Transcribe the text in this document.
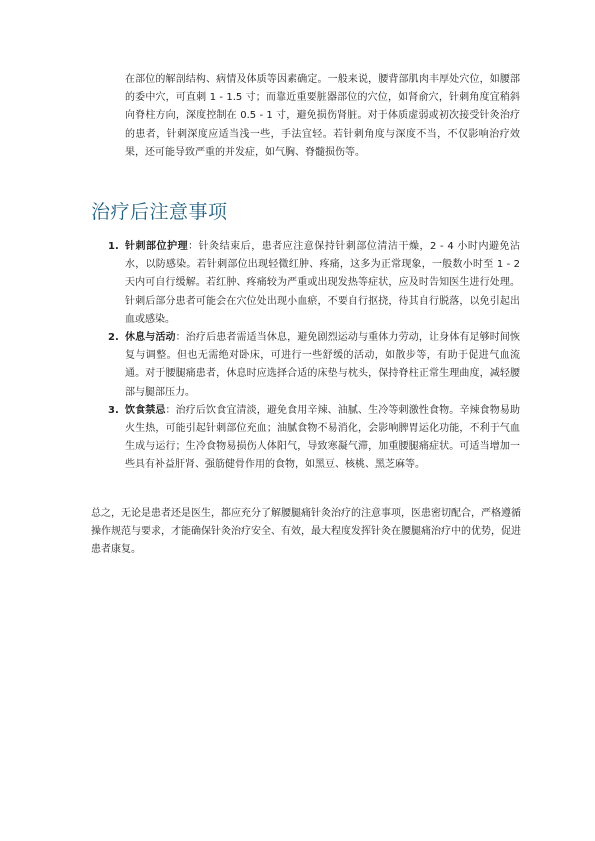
在部位的解剖结构、病情及体质等因素确定。一般来说，腰背部肌肉丰厚处穴位，如腰部的委中穴，可直刺 1 - 1.5 寸；而靠近重要脏器部位的穴位，如肾俞穴，针刺角度宜稍斜向脊柱方向，深度控制在 0.5 - 1 寸，避免损伤肾脏。对于体质虚弱或初次接受针灸治疗的患者，针刺深度应适当浅一些，手法宜轻。若针刺角度与深度不当，不仅影响治疗效果，还可能导致严重的并发症，如气胸、脊髓损伤等。

治疗后注意事项
1. 针刺部位护理：针灸结束后，患者应注意保持针刺部位清洁干燥，2 - 4 小时内避免沾水，以防感染。若针刺部位出现轻微红肿、疼痛，这多为正常现象，一般数小时至 1 - 2 天内可自行缓解。若红肿、疼痛较为严重或出现发热等症状，应及时告知医生进行处理。针刺后部分患者可能会在穴位处出现小血瘀，不要自行抠挠，待其自行脱落，以免引起出血或感染。

2. 休息与活动：治疗后患者需适当休息，避免剧烈运动与重体力劳动，让身体有足够时间恢复与调整。但也无需绝对卧床，可进行一些舒缓的活动，如散步等，有助于促进气血流通。对于腰腿痛患者，休息时应选择合适的床垫与枕头，保持脊柱正常生理曲度，减轻腰部与腿部压力。

3. 饮食禁忌：治疗后饮食宜清淡，避免食用辛辣、油腻、生冷等刺激性食物。辛辣食物易助火生热，可能引起针刺部位充血；油腻食物不易消化，会影响脾胃运化功能，不利于气血生成与运行；生冷食物易损伤人体阳气，导致寒凝气滞，加重腰腿痛症状。可适当增加一些具有补益肝肾、强筋健骨作用的食物，如黑豆、核桃、黑芝麻等。

总之，无论是患者还是医生，都应充分了解腰腿痛针灸治疗的注意事项，医患密切配合，严格遵循操作规范与要求，才能确保针灸治疗安全、有效，最大程度发挥针灸在腰腿痛治疗中的优势，促进患者康复。
